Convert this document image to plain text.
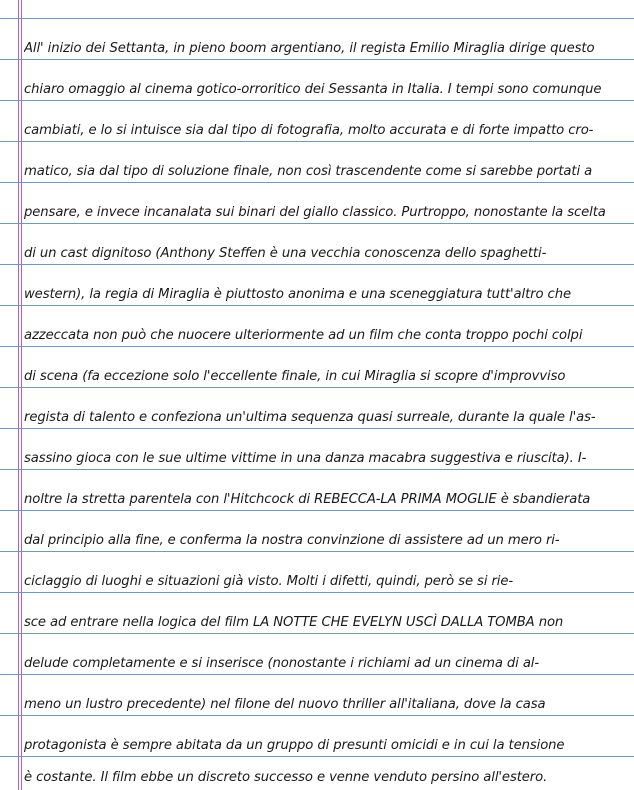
All' inizio dei Settanta, in pieno boom argentiano, il regista Emilio Miraglia dirige questo
chiaro omaggio al cinema gotico-orroritico dei Sessanta in Italia. I tempi sono comunque
cambiati, e lo si intuisce sia dal tipo di fotografia, molto accurata e di forte impatto cro-
matico, sia dal tipo di soluzione finale, non così trascendente come si sarebbe portati a
pensare, e invece incanalata sui binari del giallo classico. Purtroppo, nonostante la scelta
di un cast dignitoso (Anthony Steffen è una vecchia conoscenza dello spaghetti-
western), la regia di Miraglia è piuttosto anonima e una sceneggiatura tutt'altro che
azzeccata non può che nuocere ulteriormente ad un film che conta troppo pochi colpi
di scena (fa eccezione solo l'eccellente finale, in cui Miraglia si scopre d'improvviso
regista di talento e confeziona un'ultima sequenza quasi surreale, durante la quale l'as-
sassino gioca con le sue ultime vittime in una danza macabra suggestiva e riuscita). I-
noltre la stretta parentela con l'Hitchcock di REBECCA-LA PRIMA MOGLIE è sbandierata
dal principio alla fine, e conferma la nostra convinzione di assistere ad un mero ri-
ciclaggio di luoghi e situazioni già visto. Molti i difetti, quindi, però se si rie-
sce ad entrare nella logica del film LA NOTTE CHE EVELYN USCÌ DALLA TOMBA non
delude completamente e si inserisce (nonostante i richiami ad un cinema di al-
meno un lustro precedente) nel filone del nuovo thriller all'italiana, dove la casa
protagonista è sempre abitata da un gruppo di presunti omicidi e in cui la tensione
è costante. Il film ebbe un discreto successo e venne venduto persino all'estero.
